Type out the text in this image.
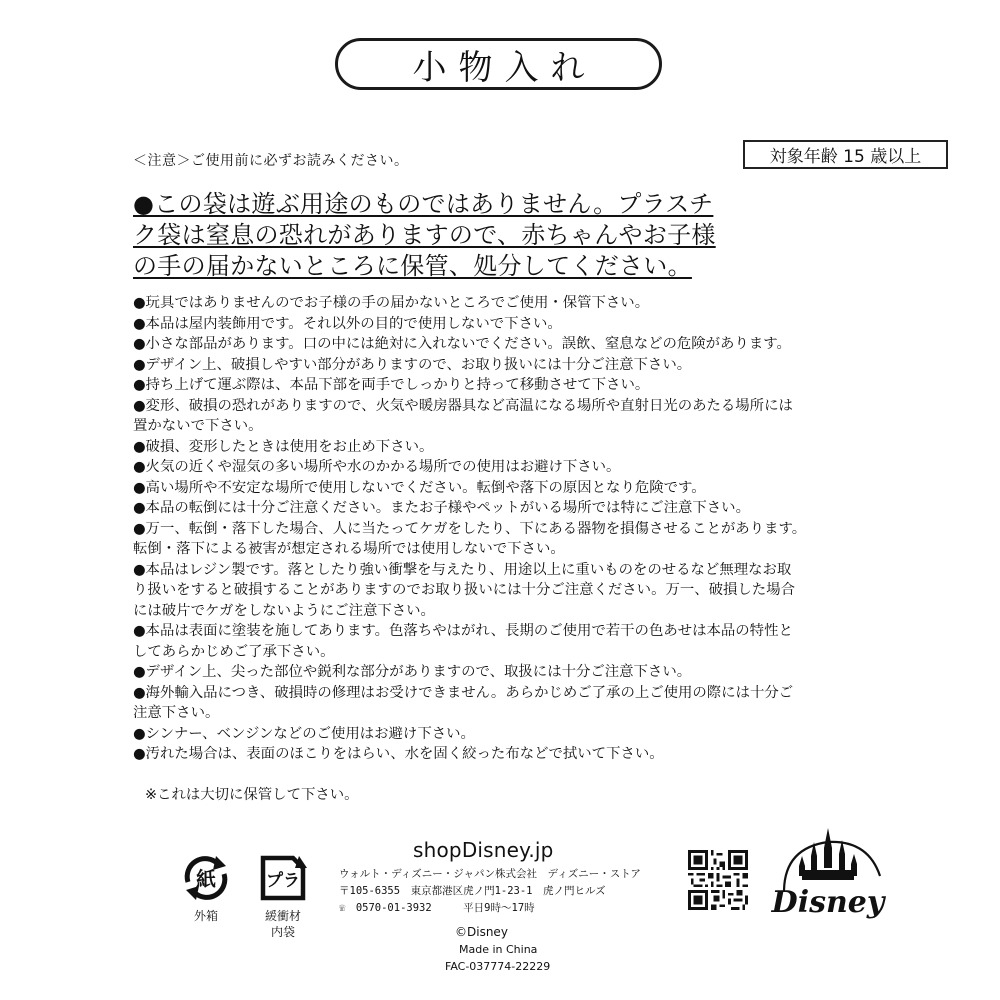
小物入れ
＜注意＞ご使用前に必ずお読みください。	対象年齢 15 歳以上
●この袋は遊ぶ用途のものではありません。プラスチ
ク袋は窒息の恐れがありますので、赤ちゃんやお子様
の手の届かないところに保管、処分してください。

●玩具ではありませんのでお子様の手の届かないところでご使用・保管下さい。

●本品は屋内装飾用です。それ以外の目的で使用しないで下さい。

●小さな部品があります。口の中には絶対に入れないでください。誤飲、窒息などの危険があります。

●デザイン上、破損しやすい部分がありますので、お取り扱いには十分ご注意下さい。

●持ち上げて運ぶ際は、本品下部を両手でしっかりと持って移動させて下さい。

●変形、破損の恐れがありますので、火気や暖房器具など高温になる場所や直射日光のあたる場所には
置かないで下さい。

●破損、変形したときは使用をお止め下さい。

●火気の近くや湿気の多い場所や水のかかる場所での使用はお避け下さい。

●高い場所や不安定な場所で使用しないでください。転倒や落下の原因となり危険です。

●本品の転倒には十分ご注意ください。またお子様やペットがいる場所では特にご注意下さい。

●万一、転倒・落下した場合、人に当たってケガをしたり、下にある器物を損傷させることがあります。
転倒・落下による被害が想定される場所では使用しないで下さい。

●本品はレジン製です。落としたり強い衝撃を与えたり、用途以上に重いものをのせるなど無理なお取
り扱いをすると破損することがありますのでお取り扱いには十分ご注意ください。万一、破損した場合
には破片でケガをしないようにご注意下さい。

●本品は表面に塗装を施してあります。色落ちやはがれ、長期のご使用で若干の色あせは本品の特性と
してあらかじめご了承下さい。

●デザイン上、尖った部位や鋭利な部分がありますので、取扱には十分ご注意下さい。

●海外輸入品につき、破損時の修理はお受けできません。あらかじめご了承の上ご使用の際には十分ご
注意下さい。

●シンナー、ベンジンなどのご使用はお避け下さい。

●汚れた場合は、表面のほこりをはらい、水を固く絞った布などで拭いて下さい。

※これは大切に保管して下さい。
紙
外箱
プラ
緩衝材
内袋
shopDisney.jp
ウォルト・ディズニー・ジャパン株式会社　ディズニー・ストア
〒105-6355　東京都港区虎ノ門1-23-1　虎ノ門ヒルズ
☏　0570-01-3932　　　平日9時～17時
©Disney
Made in China
FAC-037774-22229
Disney
